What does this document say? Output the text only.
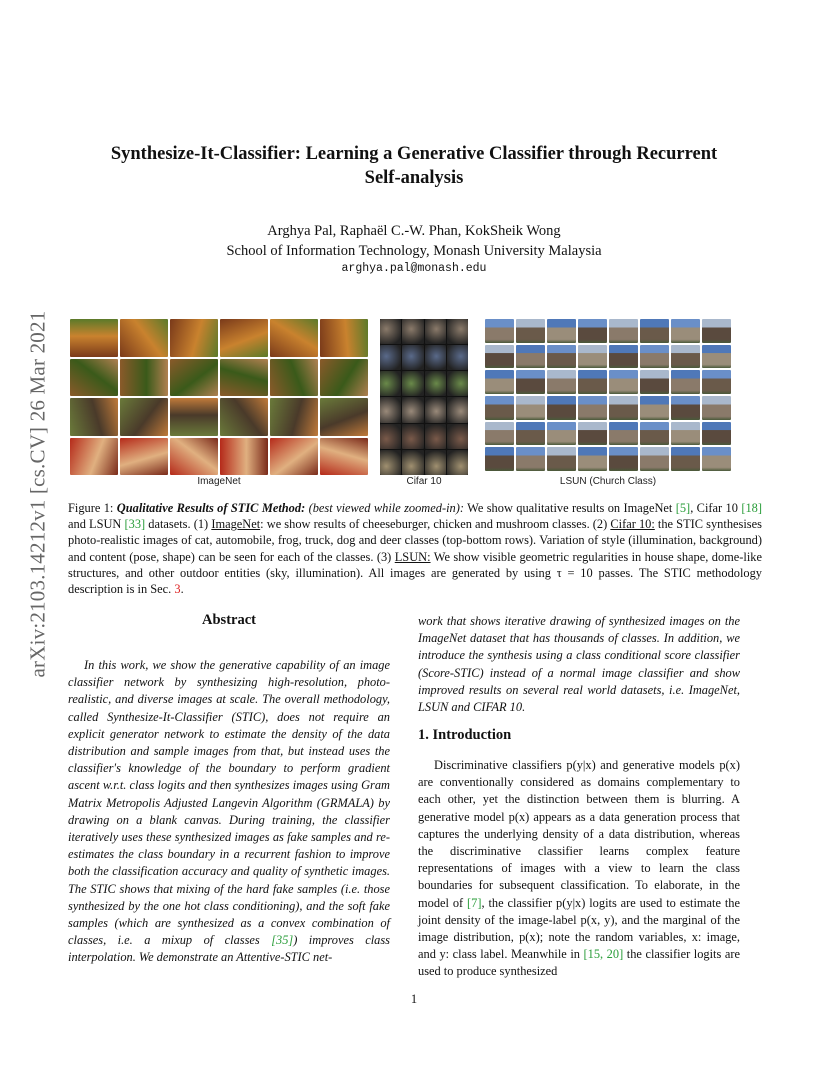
arXiv:2103.14212v1 [cs.CV] 26 Mar 2021
Synthesize-It-Classifier: Learning a Generative Classifier through Recurrent
Self-analysis
Arghya Pal, Raphaël C.-W. Phan, KokSheik Wong
School of Information Technology, Monash University Malaysia
arghya.pal@monash.edu
ImageNet	Cifar 10	LSUN (Church Class)
Figure 1: Qualitative Results of STIC Method: (best viewed while zoomed-in): We show qualitative results on ImageNet [5], Cifar 10 [18] and LSUN [33] datasets. (1) ImageNet: we show results of cheeseburger, chicken and mushroom classes. (2) Cifar 10: the STIC synthesises photo-realistic images of cat, automobile, frog, truck, dog and deer classes (top-bottom rows). Variation of style (illumination, background) and content (pose, shape) can be seen for each of the classes. (3) LSUN: We show visible geometric regularities in house shape, dome-like structures, and other outdoor entities (sky, illumination). All images are generated by using τ = 10 passes. The STIC methodology description is in Sec. 3.
Abstract
In this work, we show the generative capability of an image classifier network by synthesizing high-resolution, photo-realistic, and diverse images at scale. The overall methodology, called Synthesize-It-Classifier (STIC), does not require an explicit generator network to estimate the density of the data distribution and sample images from that, but instead uses the classifier's knowledge of the boundary to perform gradient ascent w.r.t. class logits and then synthesizes images using Gram Matrix Metropolis Adjusted Langevin Algorithm (GRMALA) by drawing on a blank canvas. During training, the classifier iteratively uses these synthesized images as fake samples and re-estimates the class boundary in a recurrent fashion to improve both the classification accuracy and quality of synthetic images. The STIC shows that mixing of the hard fake samples (i.e. those synthesized by the one hot class conditioning), and the soft fake samples (which are synthesized as a convex combination of classes, i.e. a mixup of classes [35]) improves class interpolation. We demonstrate an Attentive-STIC net-
work that shows iterative drawing of synthesized images on the ImageNet dataset that has thousands of classes. In addition, we introduce the synthesis using a class conditional score classifier (Score-STIC) instead of a normal image classifier and show improved results on several real world datasets, i.e. ImageNet, LSUN and CIFAR 10.
1. Introduction
Discriminative classifiers p(y|x) and generative models p(x) are conventionally considered as domains complementary to each other, yet the distinction between them is blurring. A generative model p(x) appears as a data generation process that captures the underlying density of a data distribution, whereas the discriminative classifier learns complex feature representations of images with a view to learn the class boundaries for subsequent classification. To elaborate, in the model of [7], the classifier p(y|x) logits are used to estimate the joint density of the image-label p(x, y), and the marginal of the image distribution, p(x); note the random variables, x: image, and y: class label. Meanwhile in [15, 20] the classifier logits are used to produce synthesized
1
